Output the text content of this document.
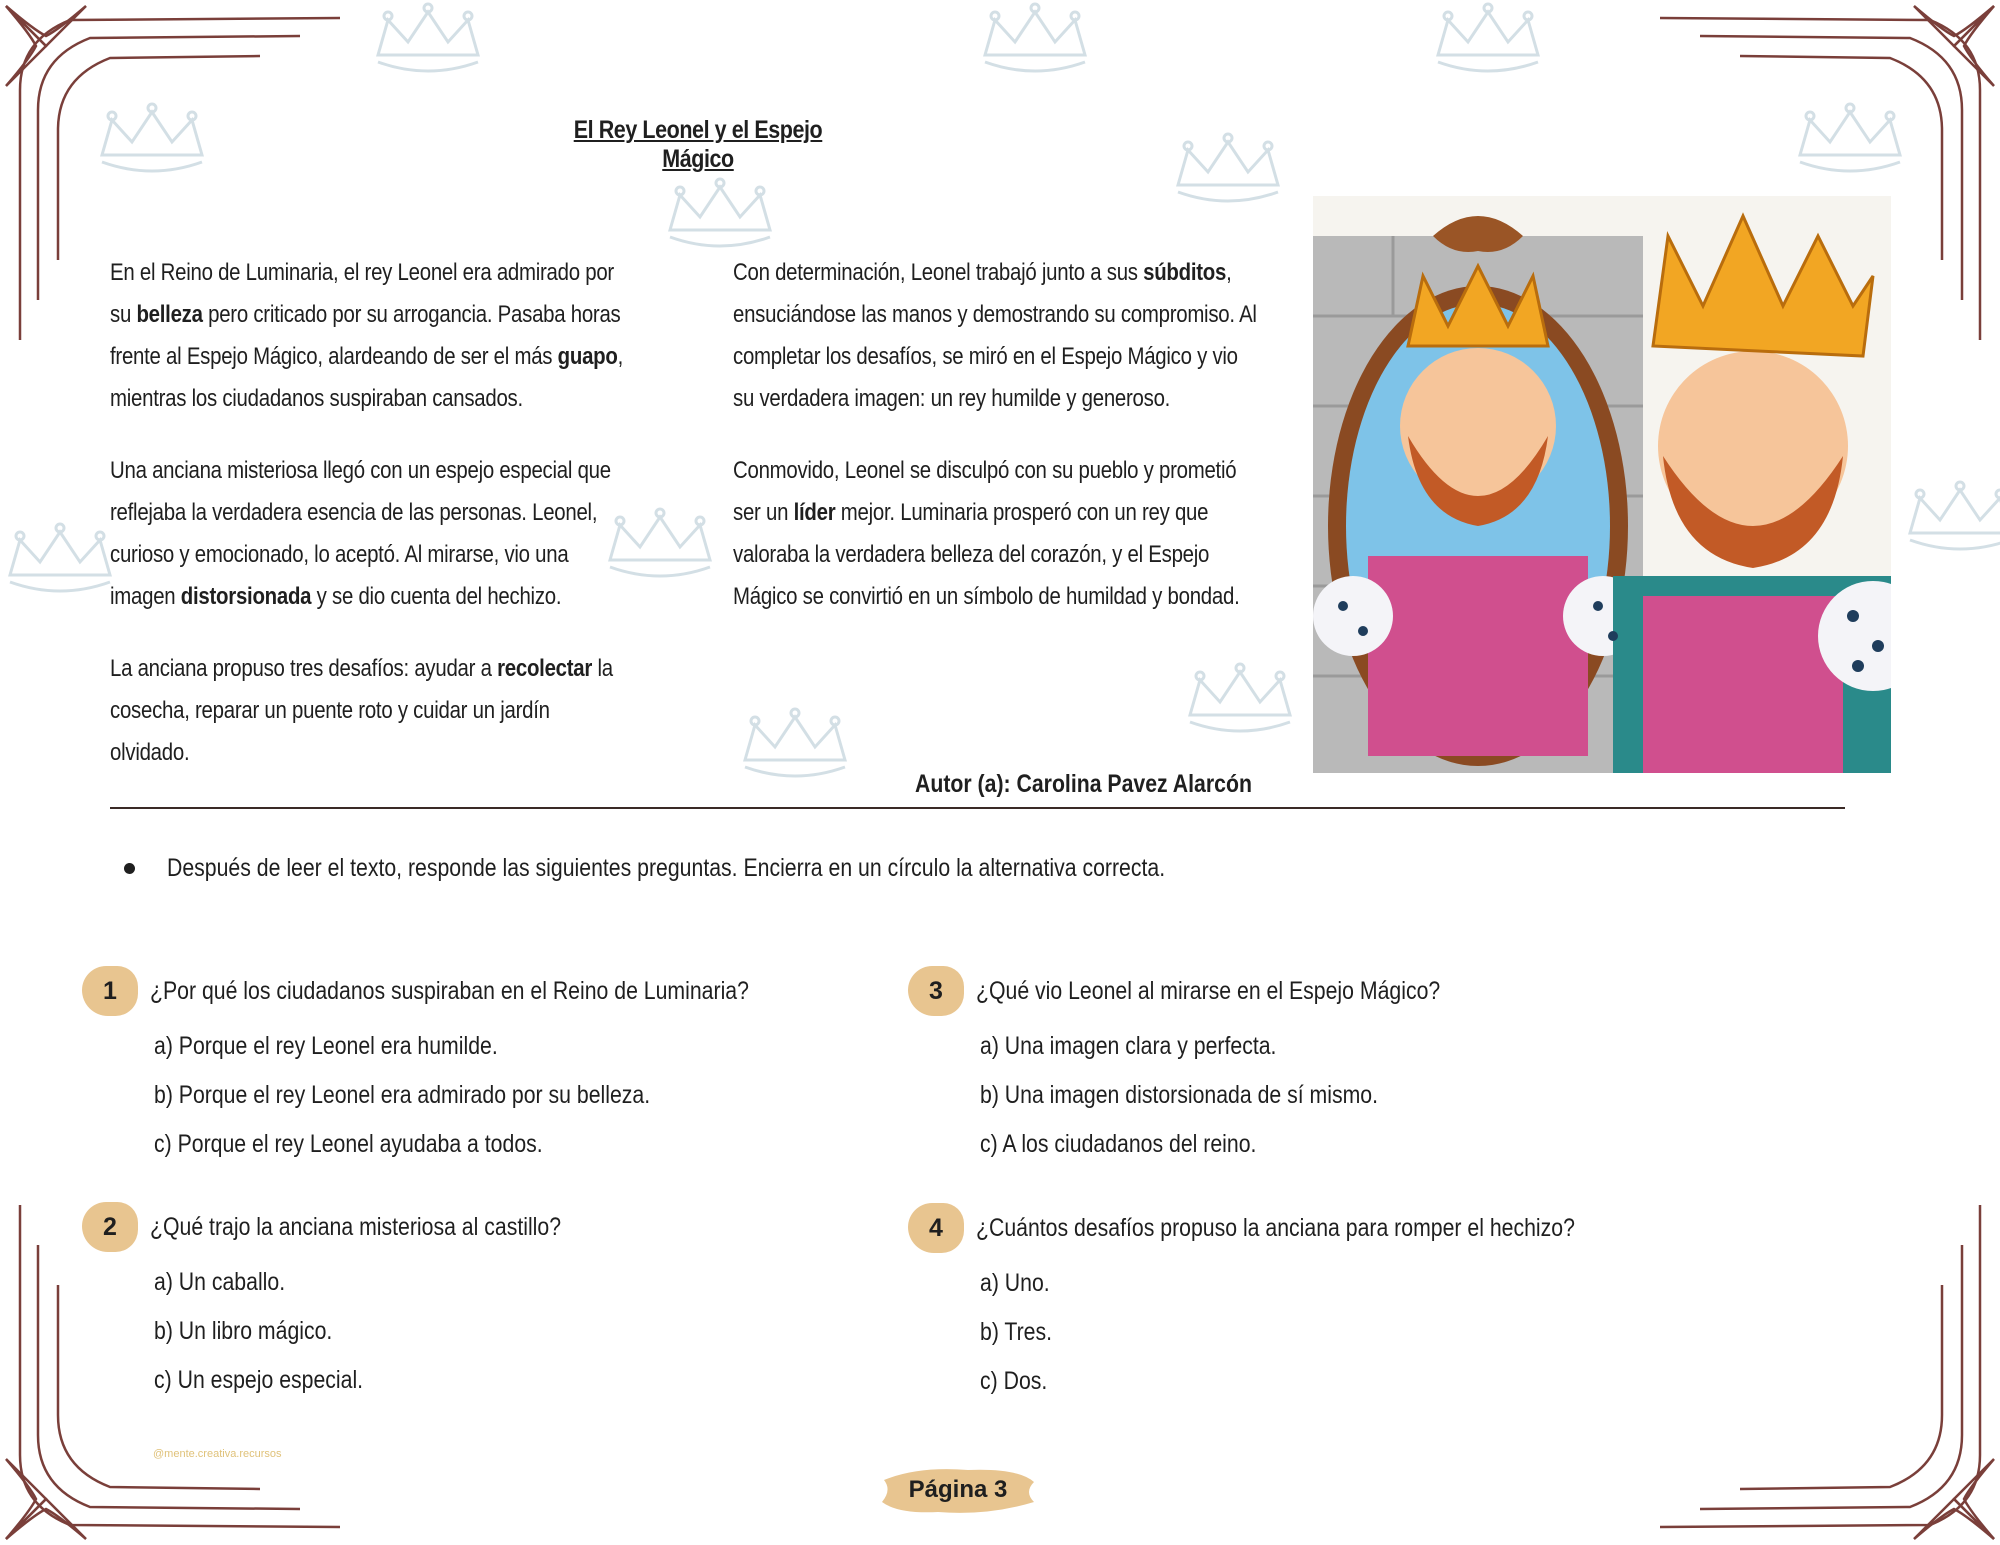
El Rey Leonel y el Espejo Mágico

En el Reino de Luminaria, el rey Leonel era admirado por
su belleza pero criticado por su arrogancia. Pasaba horas
frente al Espejo Mágico, alardeando de ser el más guapo,
mientras los ciudadanos suspiraban cansados.

Una anciana misteriosa llegó con un espejo especial que
reflejaba la verdadera esencia de las personas. Leonel,
curioso y emocionado, lo aceptó. Al mirarse, vio una
imagen distorsionada y se dio cuenta del hechizo.

La anciana propuso tres desafíos: ayudar a recolectar la
cosecha, reparar un puente roto y cuidar un jardín
olvidado.

Con determinación, Leonel trabajó junto a sus súbditos,
ensuciándose las manos y demostrando su compromiso. Al
completar los desafíos, se miró en el Espejo Mágico y vio
su verdadera imagen: un rey humilde y generoso.

Conmovido, Leonel se disculpó con su pueblo y prometió
ser un líder mejor. Luminaria prosperó con un rey que
valoraba la verdadera belleza del corazón, y el Espejo
Mágico se convirtió en un símbolo de humildad y bondad.

Autor (a): Carolina Pavez Alarcón
Después de leer el texto, responde las siguientes preguntas. Encierra en un círculo la alternativa correcta.
1	¿Por qué los ciudadanos suspiraban en el Reino de Luminaria?
a) Porque el rey Leonel era humilde.
b) Porque el rey Leonel era admirado por su belleza.
c) Porque el rey Leonel ayudaba a todos.
2	¿Qué trajo la anciana misteriosa al castillo?
a) Un caballo.
b) Un libro mágico.
c) Un espejo especial.
3	¿Qué vio Leonel al mirarse en el Espejo Mágico?
a) Una imagen clara y perfecta.
b) Una imagen distorsionada de sí mismo.
c) A los ciudadanos del reino.
4	¿Cuántos desafíos propuso la anciana para romper el hechizo?
a) Uno.
b) Tres.
c) Dos.
@mente.creativa.recursos
Página 3
